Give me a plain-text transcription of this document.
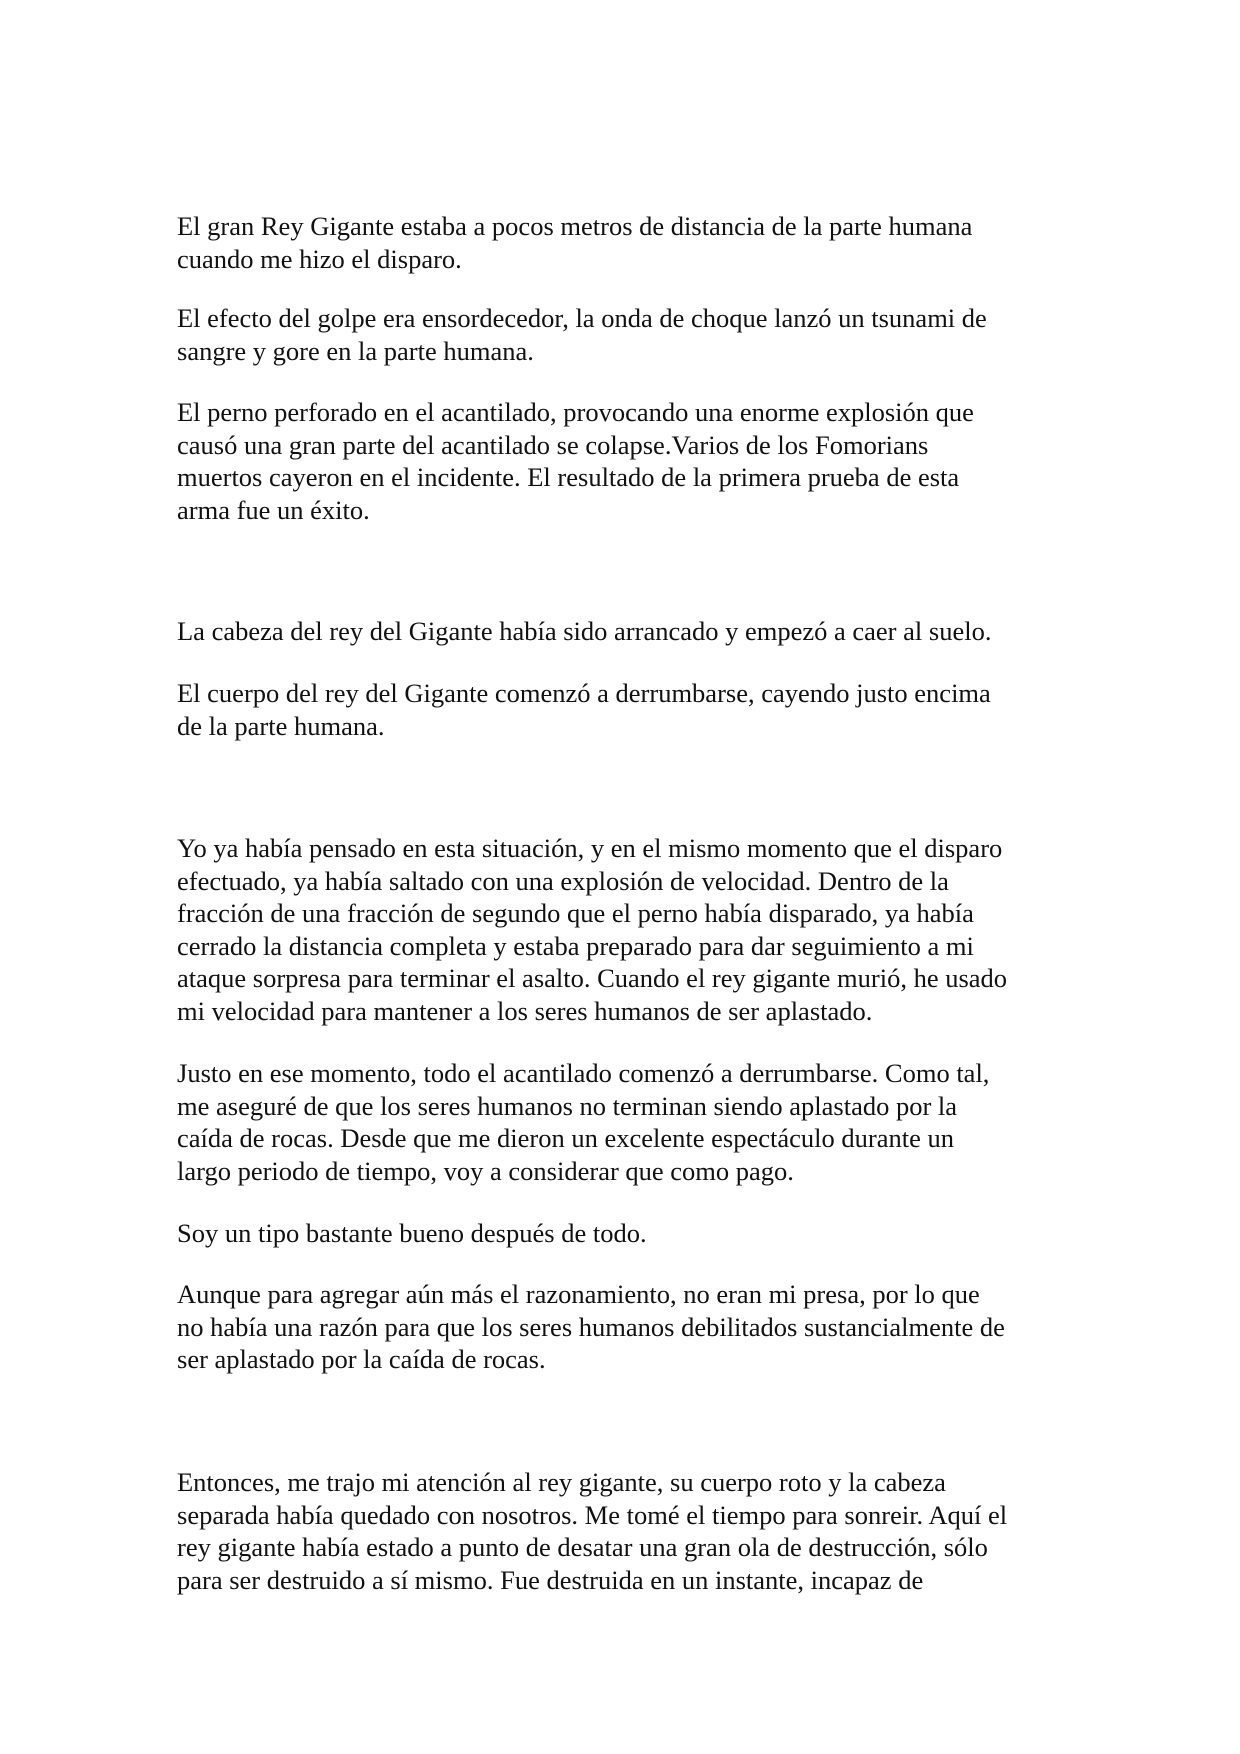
El gran Rey Gigante estaba a pocos metros de distancia de la parte humana
cuando me hizo el disparo.

El efecto del golpe era ensordecedor, la onda de choque lanzó un tsunami de
sangre y gore en la parte humana.

El perno perforado en el acantilado, provocando una enorme explosión que
causó una gran parte del acantilado se colapse.Varios de los Fomorians
muertos cayeron en el incidente. El resultado de la primera prueba de esta
arma fue un éxito.

La cabeza del rey del Gigante había sido arrancado y empezó a caer al suelo.

El cuerpo del rey del Gigante comenzó a derrumbarse, cayendo justo encima
de la parte humana.

Yo ya había pensado en esta situación, y en el mismo momento que el disparo
efectuado, ya había saltado con una explosión de velocidad. Dentro de la
fracción de una fracción de segundo que el perno había disparado, ya había
cerrado la distancia completa y estaba preparado para dar seguimiento a mi
ataque sorpresa para terminar el asalto. Cuando el rey gigante murió, he usado
mi velocidad para mantener a los seres humanos de ser aplastado.

Justo en ese momento, todo el acantilado comenzó a derrumbarse. Como tal,
me aseguré de que los seres humanos no terminan siendo aplastado por la
caída de rocas. Desde que me dieron un excelente espectáculo durante un
largo periodo de tiempo, voy a considerar que como pago.

Soy un tipo bastante bueno después de todo.

Aunque para agregar aún más el razonamiento, no eran mi presa, por lo que
no había una razón para que los seres humanos debilitados sustancialmente de
ser aplastado por la caída de rocas.

Entonces, me trajo mi atención al rey gigante, su cuerpo roto y la cabeza
separada había quedado con nosotros. Me tomé el tiempo para sonreir. Aquí el
rey gigante había estado a punto de desatar una gran ola de destrucción, sólo
para ser destruido a sí mismo. Fue destruida en un instante, incapaz de
